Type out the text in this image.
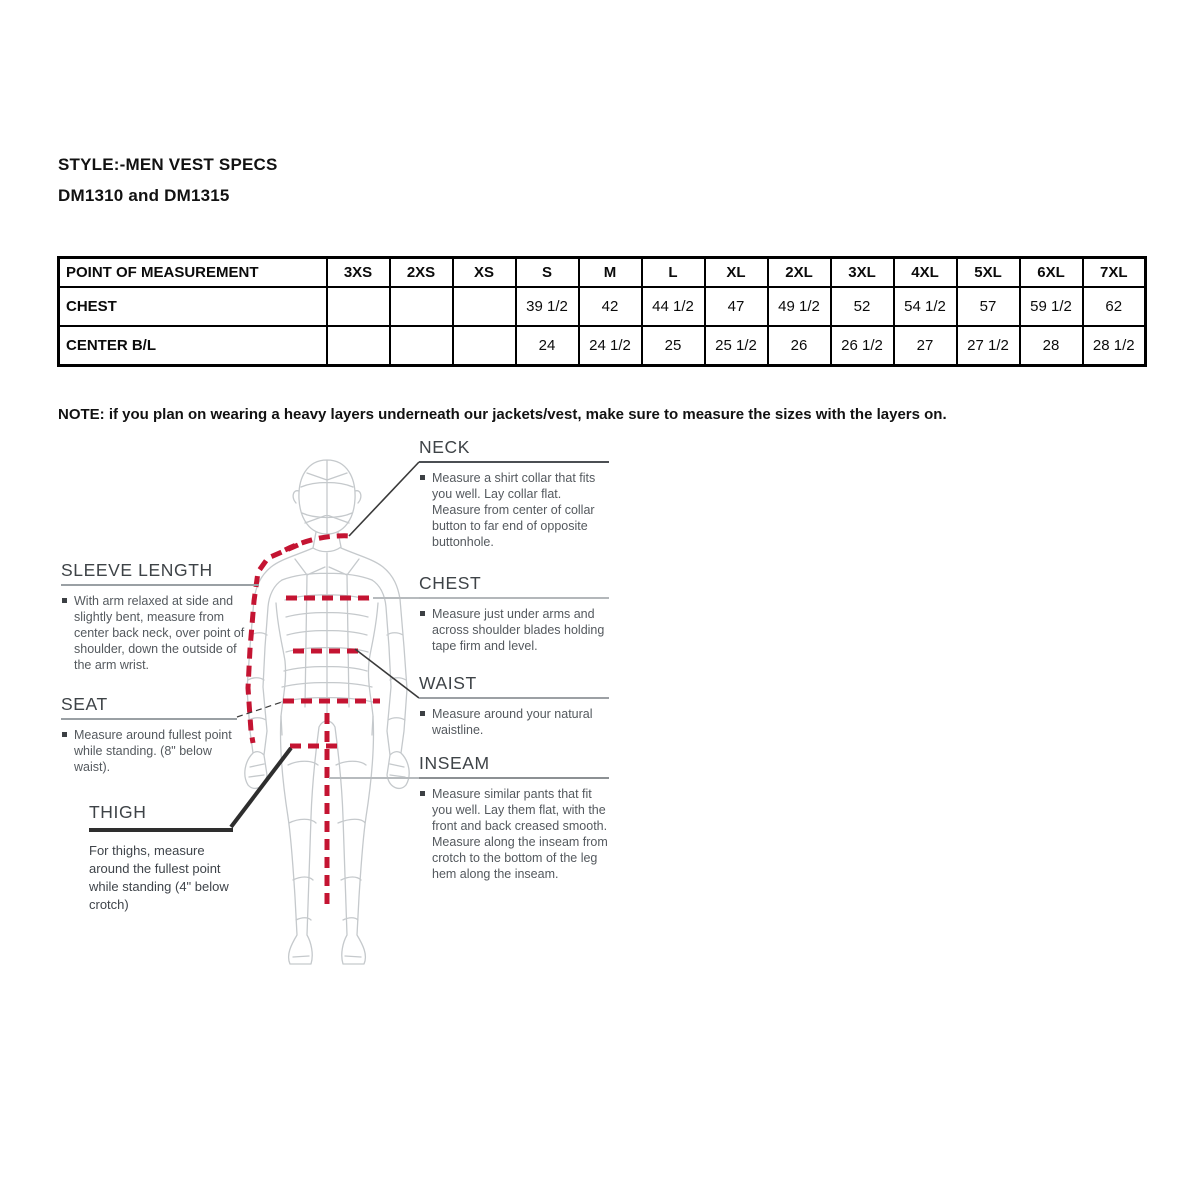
STYLE:-MEN VEST SPECS
DM1310 and DM1315
POINT OF MEASUREMENT	3XS	2XS	XS	S	M	L	XL	2XL	3XL	4XL	5XL	6XL	7XL
CHEST				39 1/2	42	44 1/2	47	49 1/2	52	54 1/2	57	59 1/2	62
CENTER B/L				24	24 1/2	25	25 1/2	26	26 1/2	27	27 1/2	28	28 1/2

NOTE: if you plan on wearing a heavy layers underneath our jackets/vest, make sure to measure the sizes with the layers on.

NECK
Measure a shirt collar that fits you well. Lay collar flat. Measure from center of collar button to far end of opposite buttonhole.
CHEST
Measure just under arms and across shoulder blades holding tape firm and level.
WAIST
Measure around your natural waistline.
INSEAM
Measure similar pants that fit you well. Lay them flat, with the front and back creased smooth. Measure along the inseam from crotch to the bottom of the leg hem along the inseam.
SLEEVE LENGTH
With arm relaxed at side and slightly bent, measure from center back neck, over point of shoulder, down the outside of the arm wrist.
SEAT
Measure around fullest point while standing. (8" below waist).
THIGH
For thighs, measure around the fullest point while standing (4" below crotch)
